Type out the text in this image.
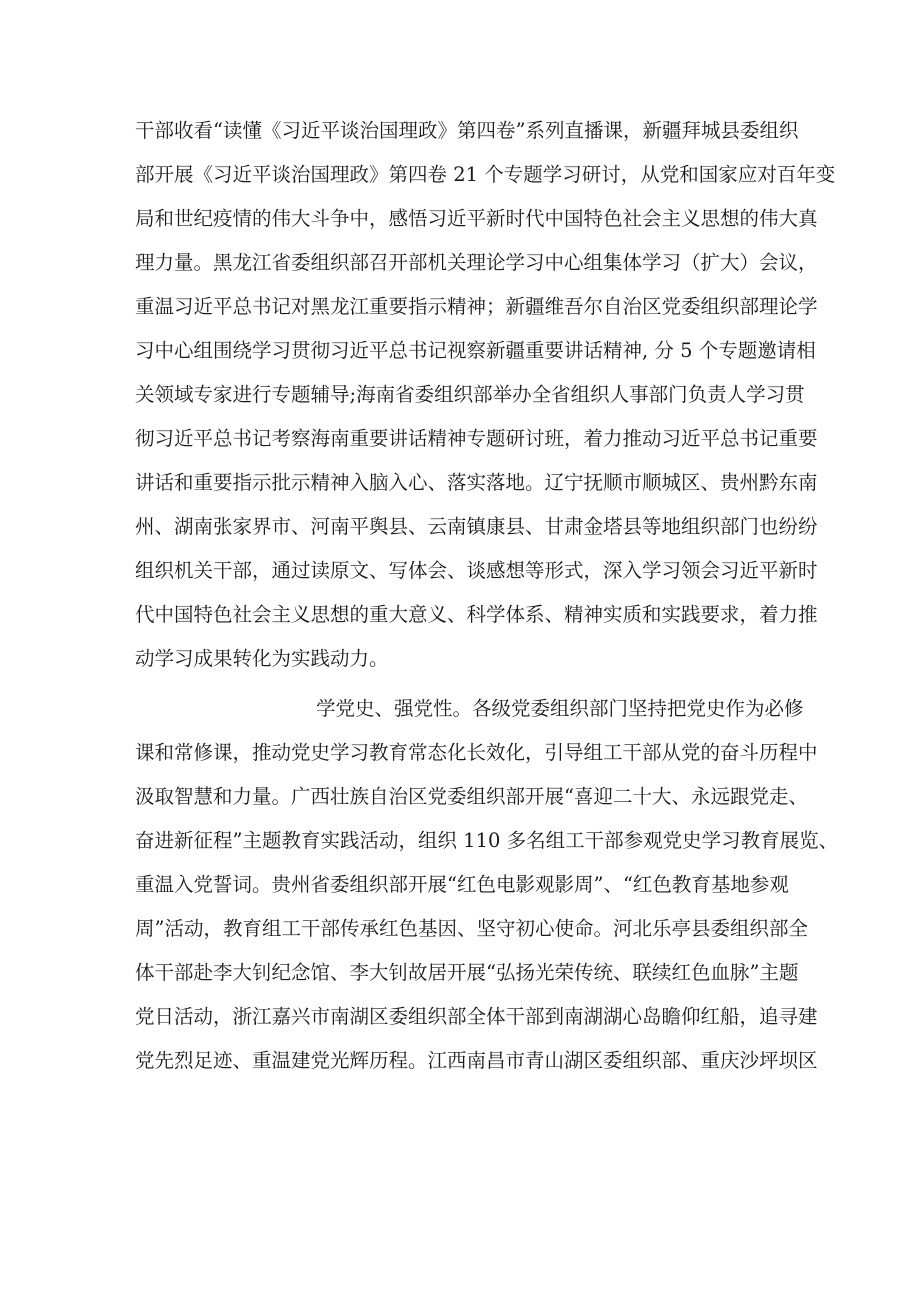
干部收看“读懂《习近平谈治国理政》第四卷”系列直播课，新疆拜城县委组织

部开展《习近平谈治国理政》第四卷 21 个专题学习研讨，从党和国家应对百年变

局和世纪疫情的伟大斗争中，感悟习近平新时代中国特色社会主义思想的伟大真

理力量。黑龙江省委组织部召开部机关理论学习中心组集体学习（扩大）会议，

重温习近平总书记对黑龙江重要指示精神；新疆维吾尔自治区党委组织部理论学

习中心组围绕学习贯彻习近平总书记视察新疆重要讲话精神, 分 5 个专题邀请相

关领域专家进行专题辅导;海南省委组织部举办全省组织人事部门负责人学习贯

彻习近平总书记考察海南重要讲话精神专题研讨班，着力推动习近平总书记重要

讲话和重要指示批示精神入脑入心、落实落地。辽宁抚顺市顺城区、贵州黔东南

州、湖南张家界市、河南平舆县、云南镇康县、甘肃金塔县等地组织部门也纷纷

组织机关干部，通过读原文、写体会、谈感想等形式，深入学习领会习近平新时

代中国特色社会主义思想的重大意义、科学体系、精神实质和实践要求，着力推

动学习成果转化为实践动力。

学党史、强党性。各级党委组织部门坚持把党史作为必修

课和常修课，推动党史学习教育常态化长效化，引导组工干部从党的奋斗历程中

汲取智慧和力量。广西壮族自治区党委组织部开展“喜迎二十大、永远跟党走、

奋进新征程”主题教育实践活动，组织 110 多名组工干部参观党史学习教育展览、

重温入党誓词。贵州省委组织部开展“红色电影观影周”、“红色教育基地参观

周”活动，教育组工干部传承红色基因、坚守初心使命。河北乐亭县委组织部全

体干部赴李大钊纪念馆、李大钊故居开展“弘扬光荣传统、联续红色血脉”主题

党日活动，浙江嘉兴市南湖区委组织部全体干部到南湖湖心岛瞻仰红船，追寻建

党先烈足迹、重温建党光辉历程。江西南昌市青山湖区委组织部、重庆沙坪坝区
